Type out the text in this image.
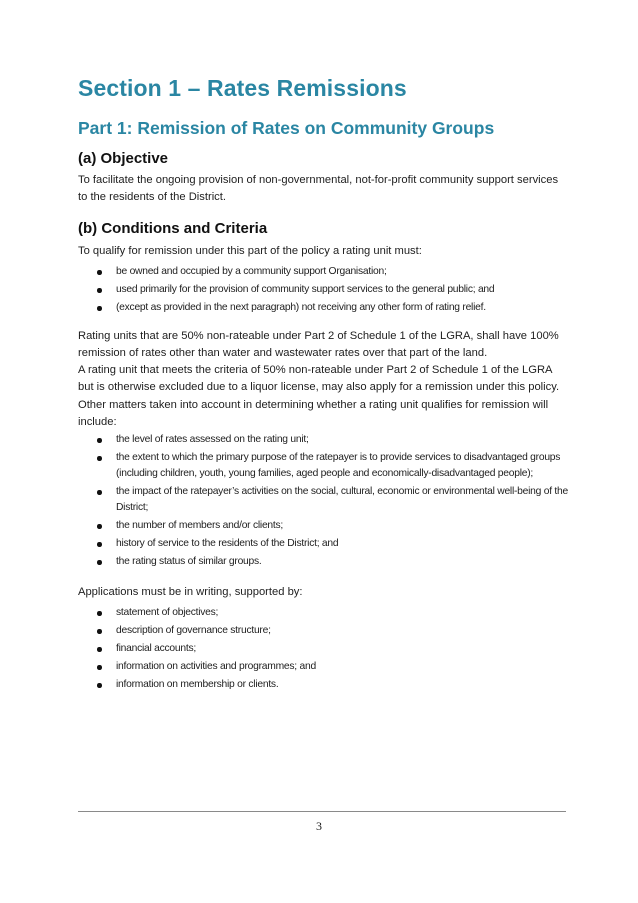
Section 1 – Rates Remissions
Part 1: Remission of Rates on Community Groups
(a) Objective

To facilitate the ongoing provision of non-governmental, not-for-profit community support services to the residents of the District.

(b) Conditions and Criteria

To qualify for remission under this part of the policy a rating unit must:

be owned and occupied by a community support Organisation;
used primarily for the provision of community support services to the general public; and
(except as provided in the next paragraph) not receiving any other form of rating relief.

Rating units that are 50% non-rateable under Part 2 of Schedule 1 of the LGRA, shall have 100% remission of rates other than water and wastewater rates over that part of the land.

A rating unit that meets the criteria of 50% non-rateable under Part 2 of Schedule 1 of the LGRA but is otherwise excluded due to a liquor license, may also apply for a remission under this policy.

Other matters taken into account in determining whether a rating unit qualifies for remission will include:

the level of rates assessed on the rating unit;
the extent to which the primary purpose of the ratepayer is to provide services to disadvantaged groups (including children, youth, young families, aged people and economically-disadvantaged people);
the impact of the ratepayer’s activities on the social, cultural, economic or environmental well-being of the District;
the number of members and/or clients;
history of service to the residents of the District; and
the rating status of similar groups.

Applications must be in writing, supported by:

statement of objectives;
description of governance structure;
financial accounts;
information on activities and programmes; and
information on membership or clients.
3
